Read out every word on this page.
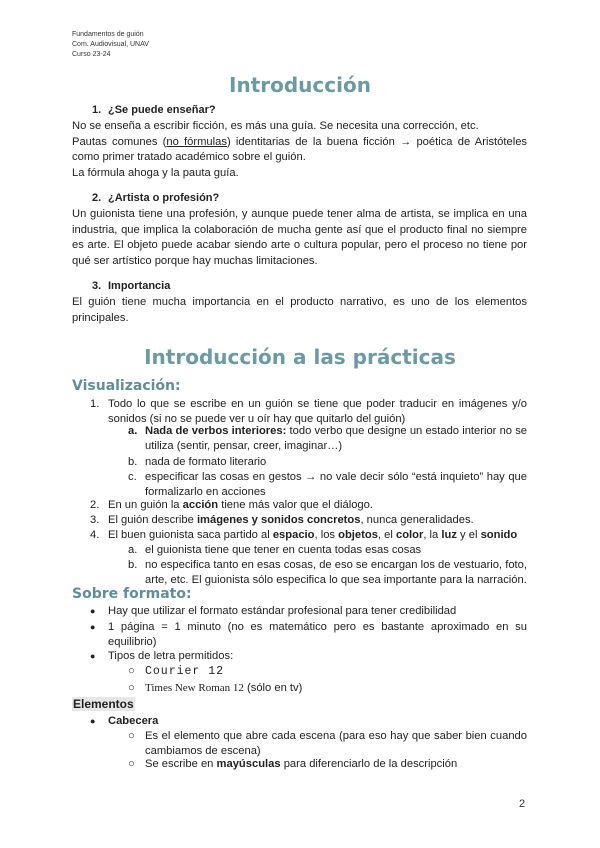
Fundamentos de guión
Com. Audiovisual, UNAV
Curso 23-24
Introducción
1. ¿Se puede enseñar?
No se enseña a escribir ficción, es más una guía. Se necesita una corrección, etc.
Pautas comunes (no fórmulas) identitarias de la buena ficción → poética de Aristóteles como primer tratado académico sobre el guión.
La fórmula ahoga y la pauta guía.
2. ¿Artista o profesión?
Un guionista tiene una profesión, y aunque puede tener alma de artista, se implica en una industria, que implica la colaboración de mucha gente así que el producto final no siempre es arte. El objeto puede acabar siendo arte o cultura popular, pero el proceso no tiene por qué ser artístico porque hay muchas limitaciones.
3. Importancia
El guión tiene mucha importancia en el producto narrativo, es uno de los elementos principales.
Introducción a las prácticas
Visualización:
1. Todo lo que se escribe en un guión se tiene que poder traducir en imágenes y/o sonidos (si no se puede ver u oír hay que quitarlo del guión)
a. Nada de verbos interiores: todo verbo que designe un estado interior no se utiliza (sentir, pensar, creer, imaginar…)
b. nada de formato literario
c. especificar las cosas en gestos → no vale decir sólo “está inquieto” hay que formalizarlo en acciones
2. En un guión la acción tiene más valor que el diálogo.
3. El guión describe imágenes y sonidos concretos, nunca generalidades.
4. El buen guionista saca partido al espacio, los objetos, el color, la luz y el sonido
a. el guionista tiene que tener en cuenta todas esas cosas
b. no especifica tanto en esas cosas, de eso se encargan los de vestuario, foto, arte, etc. El guionista sólo especifica lo que sea importante para la narración.
Sobre formato:
● Hay que utilizar el formato estándar profesional para tener credibilidad
● 1 página = 1 minuto (no es matemático pero es bastante aproximado en su equilibrio)
● Tipos de letra permitidos:
○ Courier 12
○ Times New Roman 12 (sólo en tv)
Elementos
● Cabecera
○ Es el elemento que abre cada escena (para eso hay que saber bien cuando cambiamos de escena)
○ Se escribe en mayúsculas para diferenciarlo de la descripción
2
